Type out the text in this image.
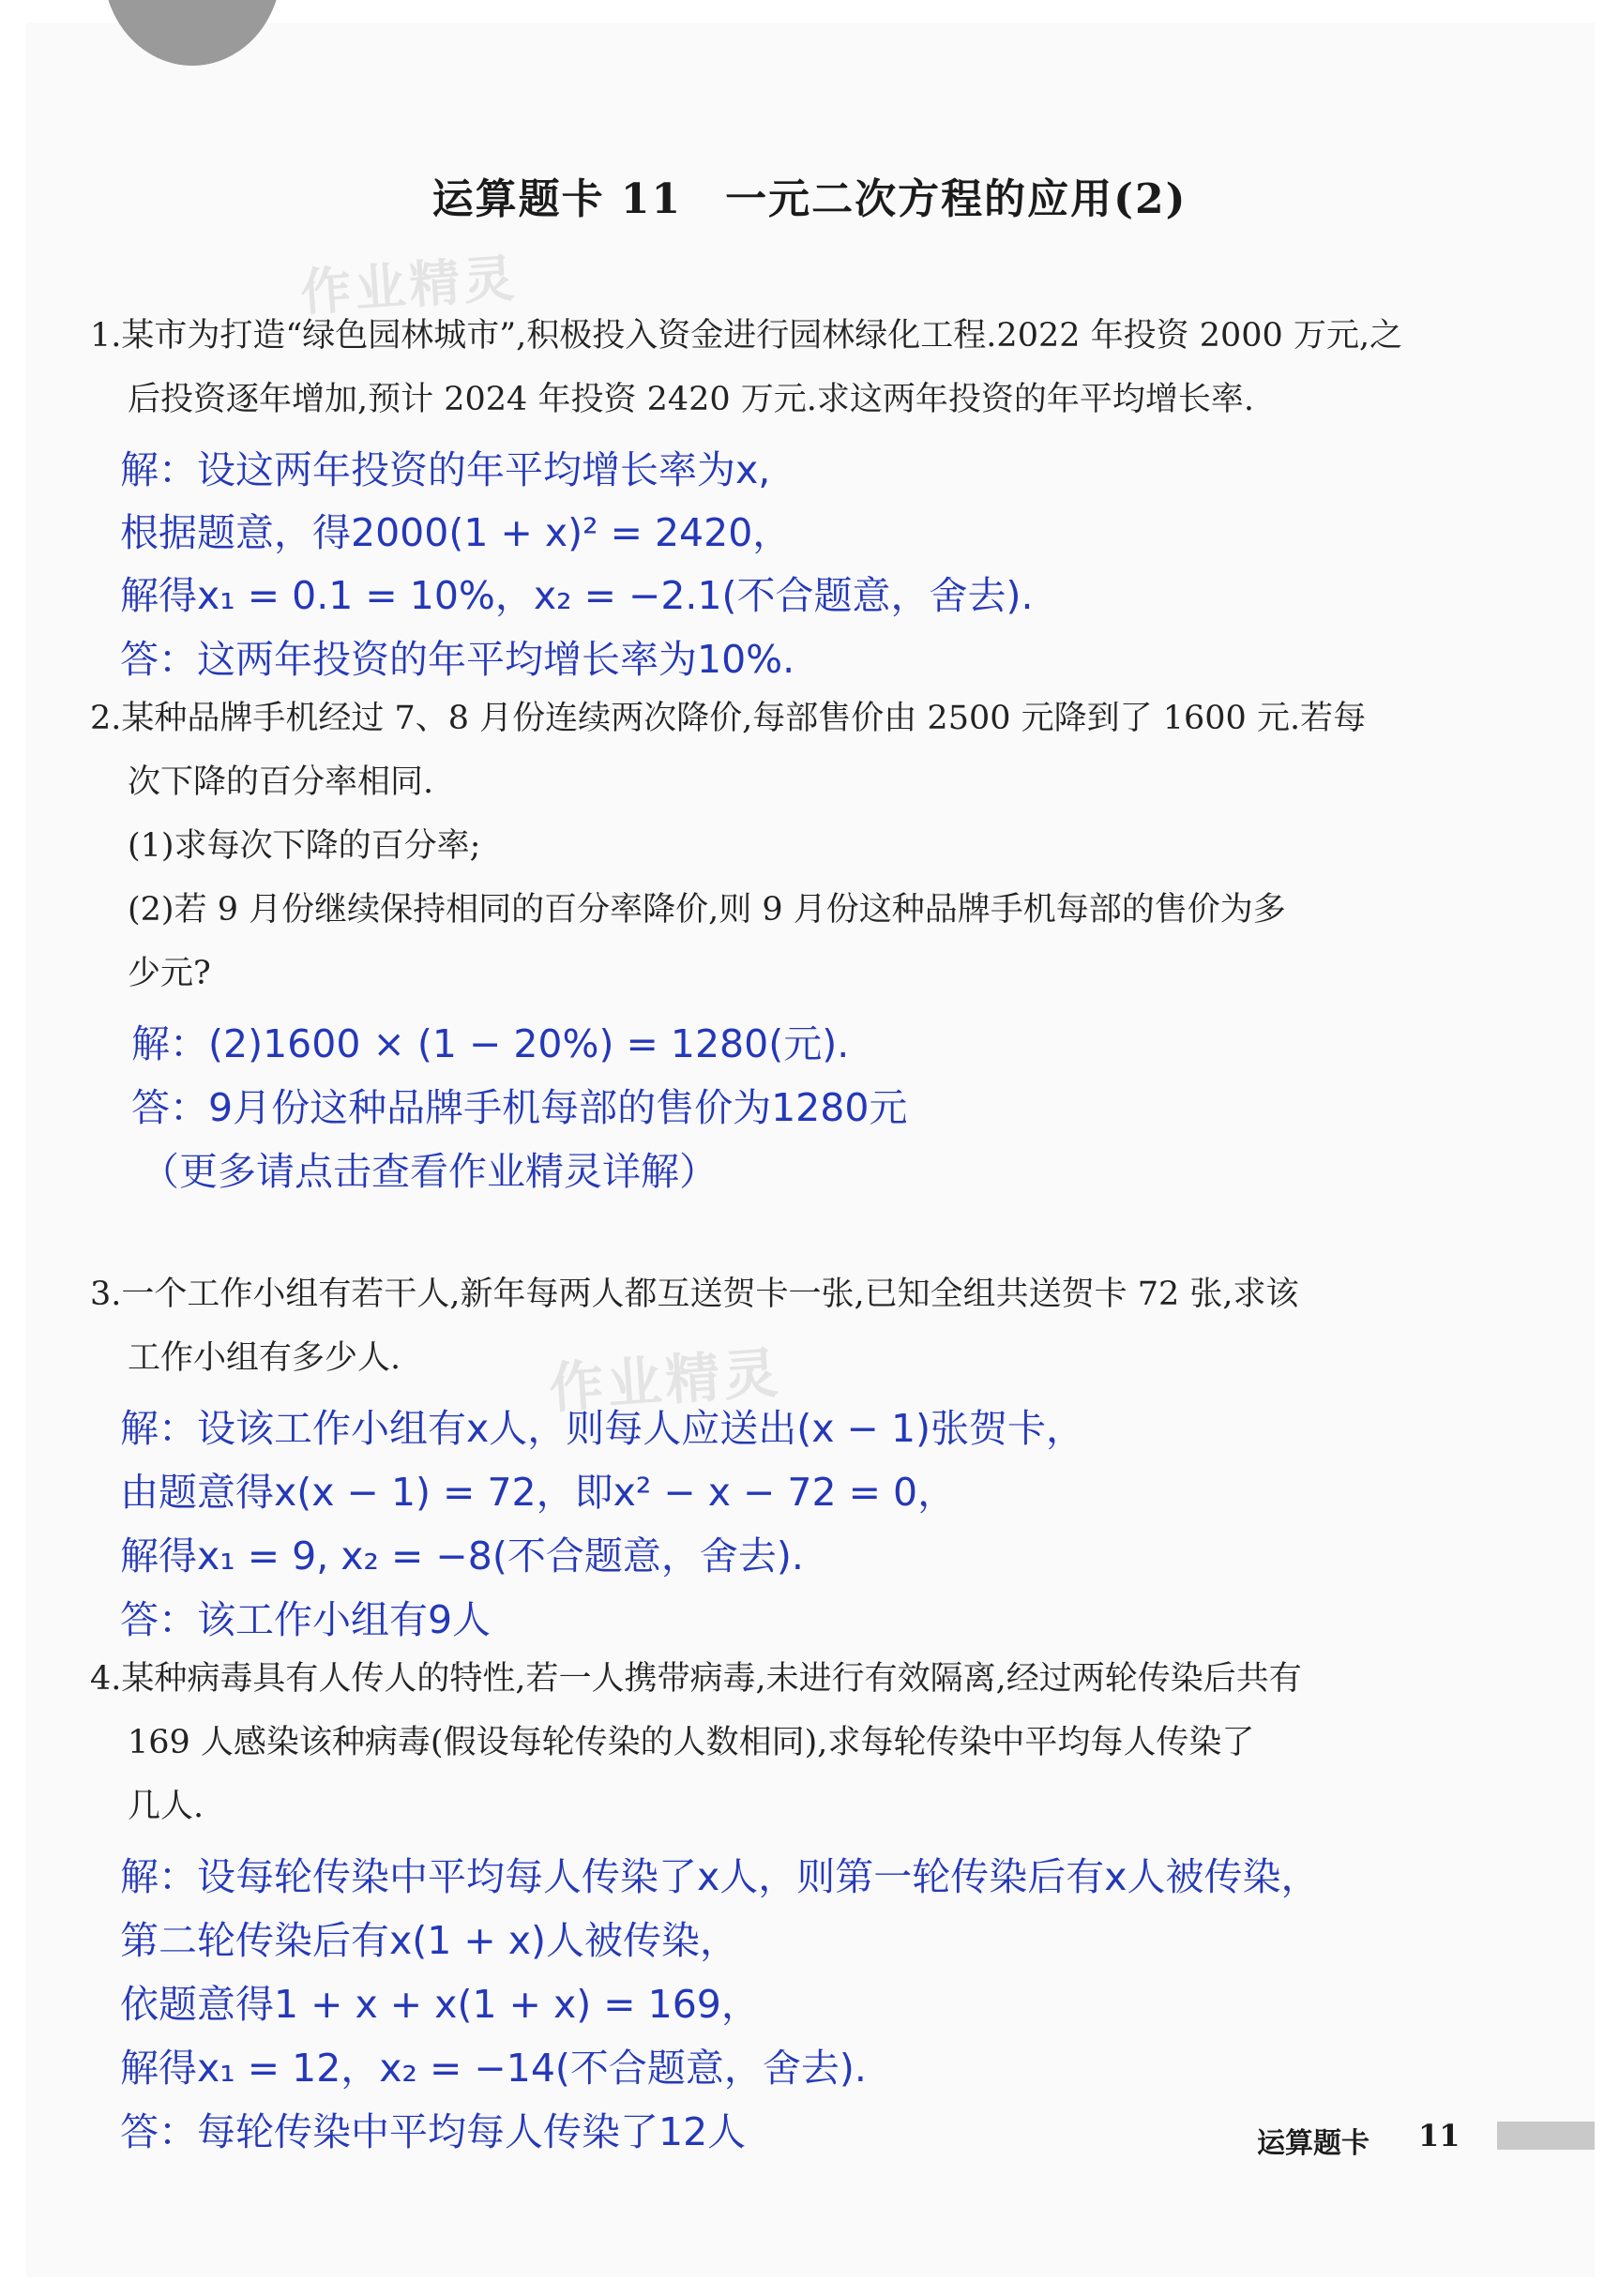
运算题卡 11　一元二次方程的应用(2)
作业精灵
作业精灵
1.某市为打造“绿色园林城市”,积极投入资金进行园林绿化工程.2022 年投资 2000 万元,之
后投资逐年增加,预计 2024 年投资 2420 万元.求这两年投资的年平均增长率.
解：设这两年投资的年平均增长率为x,
根据题意，得2000(1 + x)² = 2420，
解得x₁ = 0.1 = 10%，x₂ = −2.1(不合题意，舍去).
答：这两年投资的年平均增长率为10%.
2.某种品牌手机经过 7、8 月份连续两次降价,每部售价由 2500 元降到了 1600 元.若每
次下降的百分率相同.
(1)求每次下降的百分率;
(2)若 9 月份继续保持相同的百分率降价,则 9 月份这种品牌手机每部的售价为多
少元?
解：(2)1600 × (1 − 20%) = 1280(元).
答：9月份这种品牌手机每部的售价为1280元
（更多请点击查看作业精灵详解）
3.一个工作小组有若干人,新年每两人都互送贺卡一张,已知全组共送贺卡 72 张,求该
工作小组有多少人.
解：设该工作小组有x人，则每人应送出(x − 1)张贺卡，
由题意得x(x − 1) = 72，即x² − x − 72 = 0，
解得x₁ = 9, x₂ = −8(不合题意，舍去).
答：该工作小组有9人
4.某种病毒具有人传人的特性,若一人携带病毒,未进行有效隔离,经过两轮传染后共有
169 人感染该种病毒(假设每轮传染的人数相同),求每轮传染中平均每人传染了
几人.
解：设每轮传染中平均每人传染了x人，则第一轮传染后有x人被传染，
第二轮传染后有x(1 + x)人被传染，
依题意得1 + x + x(1 + x) = 169，
解得x₁ = 12，x₂ = −14(不合题意，舍去).
答：每轮传染中平均每人传染了12人	运算题卡 11
